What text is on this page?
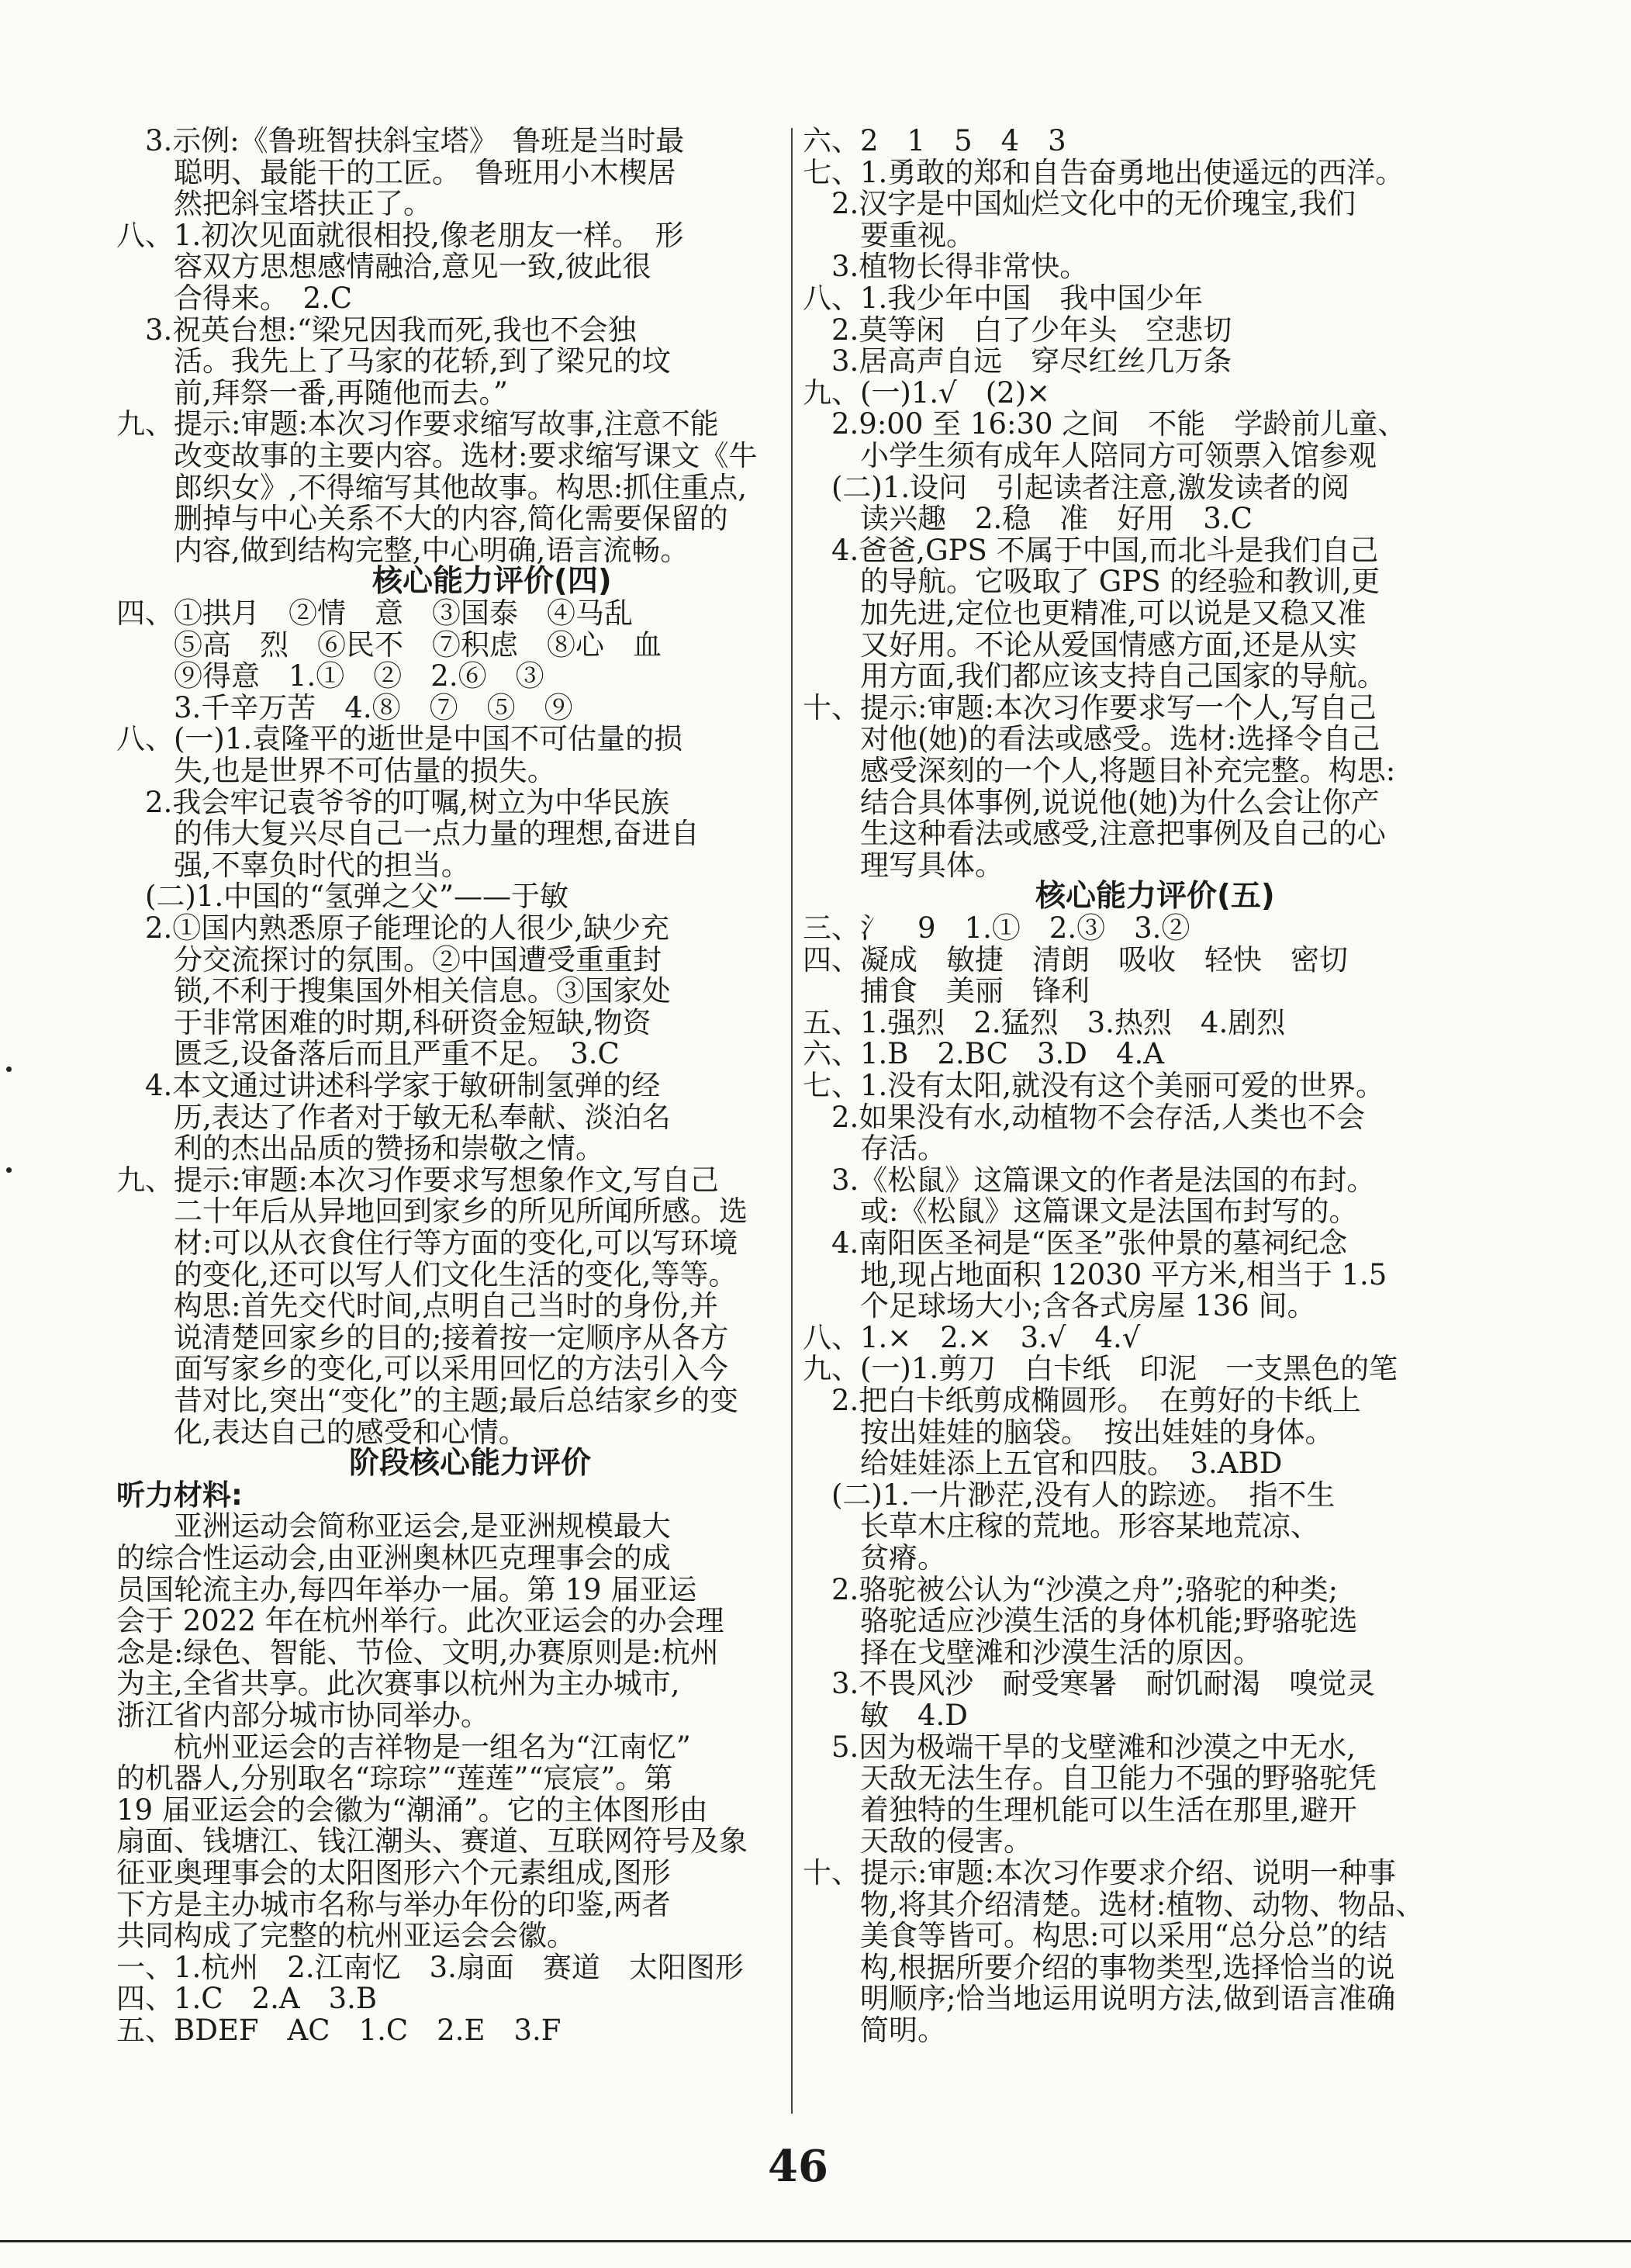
　3.示例:《鲁班智扶斜宝塔》　鲁班是当时最
　　聪明、最能干的工匠。　鲁班用小木楔居
　　然把斜宝塔扶正了。
八、1.初次见面就很相投,像老朋友一样。　形
　　容双方思想感情融洽,意见一致,彼此很
　　合得来。　2.C
　3.祝英台想:“梁兄因我而死,我也不会独
　　活。我先上了马家的花轿,到了梁兄的坟
　　前,拜祭一番,再随他而去。”
九、提示:审题:本次习作要求缩写故事,注意不能
　　改变故事的主要内容。选材:要求缩写课文《牛
　　郎织女》,不得缩写其他故事。构思:抓住重点,
　　删掉与中心关系不大的内容,简化需要保留的
　　内容,做到结构完整,中心明确,语言流畅。
核心能力评价(四)
四、①拱月　②情　意　③国泰　④马乱
　　⑤高　烈　⑥民不　⑦积虑　⑧心　血
　　⑨得意　1.①　②　2.⑥　③
　　3.千辛万苦　4.⑧　⑦　⑤　⑨
八、(一)1.袁隆平的逝世是中国不可估量的损
　　失,也是世界不可估量的损失。
　2.我会牢记袁爷爷的叮嘱,树立为中华民族
　　的伟大复兴尽自己一点力量的理想,奋进自
　　强,不辜负时代的担当。
　(二)1.中国的“氢弹之父”——于敏
　2.①国内熟悉原子能理论的人很少,缺少充
　　分交流探讨的氛围。②中国遭受重重封
　　锁,不利于搜集国外相关信息。③国家处
　　于非常困难的时期,科研资金短缺,物资
　　匮乏,设备落后而且严重不足。　3.C
　4.本文通过讲述科学家于敏研制氢弹的经
　　历,表达了作者对于敏无私奉献、淡泊名
　　利的杰出品质的赞扬和崇敬之情。
九、提示:审题:本次习作要求写想象作文,写自己
　　二十年后从异地回到家乡的所见所闻所感。选
　　材:可以从衣食住行等方面的变化,可以写环境
　　的变化,还可以写人们文化生活的变化,等等。
　　构思:首先交代时间,点明自己当时的身份,并
　　说清楚回家乡的目的;接着按一定顺序从各方
　　面写家乡的变化,可以采用回忆的方法引入今
　　昔对比,突出“变化”的主题;最后总结家乡的变
　　化,表达自己的感受和心情。
阶段核心能力评价
听力材料:
　　亚洲运动会简称亚运会,是亚洲规模最大
的综合性运动会,由亚洲奥林匹克理事会的成
员国轮流主办,每四年举办一届。第 19 届亚运
会于 2022 年在杭州举行。此次亚运会的办会理
念是:绿色、智能、节俭、文明,办赛原则是:杭州
为主,全省共享。此次赛事以杭州为主办城市,
浙江省内部分城市协同举办。
　　杭州亚运会的吉祥物是一组名为“江南忆”
的机器人,分别取名“琮琮”“莲莲”“宸宸”。第
19 届亚运会的会徽为“潮涌”。它的主体图形由
扇面、钱塘江、钱江潮头、赛道、互联网符号及象
征亚奥理事会的太阳图形六个元素组成,图形
下方是主办城市名称与举办年份的印鉴,两者
共同构成了完整的杭州亚运会会徽。
一、1.杭州　2.江南忆　3.扇面　赛道　太阳图形
四、1.C　2.A　3.B
五、BDEF　AC　1.C　2.E　3.F
六、2　1　5　4　3
七、1.勇敢的郑和自告奋勇地出使遥远的西洋。
　2.汉字是中国灿烂文化中的无价瑰宝,我们
　　要重视。
　3.植物长得非常快。
八、1.我少年中国　我中国少年
　2.莫等闲　白了少年头　空悲切
　3.居高声自远　穿尽红丝几万条
九、(一)1.√　(2)×
　2.9:00 至 16:30 之间　不能　学龄前儿童、
　　小学生须有成年人陪同方可领票入馆参观
　(二)1.设问　引起读者注意,激发读者的阅
　　读兴趣　2.稳　准　好用　3.C
　4.爸爸,GPS 不属于中国,而北斗是我们自己
　　的导航。它吸取了 GPS 的经验和教训,更
　　加先进,定位也更精准,可以说是又稳又准
　　又好用。不论从爱国情感方面,还是从实
　　用方面,我们都应该支持自己国家的导航。
十、提示:审题:本次习作要求写一个人,写自己
　　对他(她)的看法或感受。选材:选择令自己
　　感受深刻的一个人,将题目补充完整。构思:
　　结合具体事例,说说他(她)为什么会让你产
　　生这种看法或感受,注意把事例及自己的心
　　理写具体。
核心能力评价(五)
三、氵　9　1.①　2.③　3.②
四、凝成　敏捷　清朗　吸收　轻快　密切
　　捕食　美丽　锋利
五、1.强烈　2.猛烈　3.热烈　4.剧烈
六、1.B　2.BC　3.D　4.A
七、1.没有太阳,就没有这个美丽可爱的世界。
　2.如果没有水,动植物不会存活,人类也不会
　　存活。
　3.《松鼠》这篇课文的作者是法国的布封。
　　或:《松鼠》这篇课文是法国布封写的。
　4.南阳医圣祠是“医圣”张仲景的墓祠纪念
　　地,现占地面积 12030 平方米,相当于 1.5
　　个足球场大小;含各式房屋 136 间。
八、1.×　2.×　3.√　4.√
九、(一)1.剪刀　白卡纸　印泥　一支黑色的笔
　2.把白卡纸剪成椭圆形。　在剪好的卡纸上
　　按出娃娃的脑袋。　按出娃娃的身体。
　　给娃娃添上五官和四肢。　3.ABD
　(二)1.一片渺茫,没有人的踪迹。　指不生
　　长草木庄稼的荒地。形容某地荒凉、
　　贫瘠。
　2.骆驼被公认为“沙漠之舟”;骆驼的种类;
　　骆驼适应沙漠生活的身体机能;野骆驼选
　　择在戈壁滩和沙漠生活的原因。
　3.不畏风沙　耐受寒暑　耐饥耐渴　嗅觉灵
　　敏　4.D
　5.因为极端干旱的戈壁滩和沙漠之中无水,
　　天敌无法生存。自卫能力不强的野骆驼凭
　　着独特的生理机能可以生活在那里,避开
　　天敌的侵害。
十、提示:审题:本次习作要求介绍、说明一种事
　　物,将其介绍清楚。选材:植物、动物、物品、
　　美食等皆可。构思:可以采用“总分总”的结
　　构,根据所要介绍的事物类型,选择恰当的说
　　明顺序;恰当地运用说明方法,做到语言准确
　　简明。
46
